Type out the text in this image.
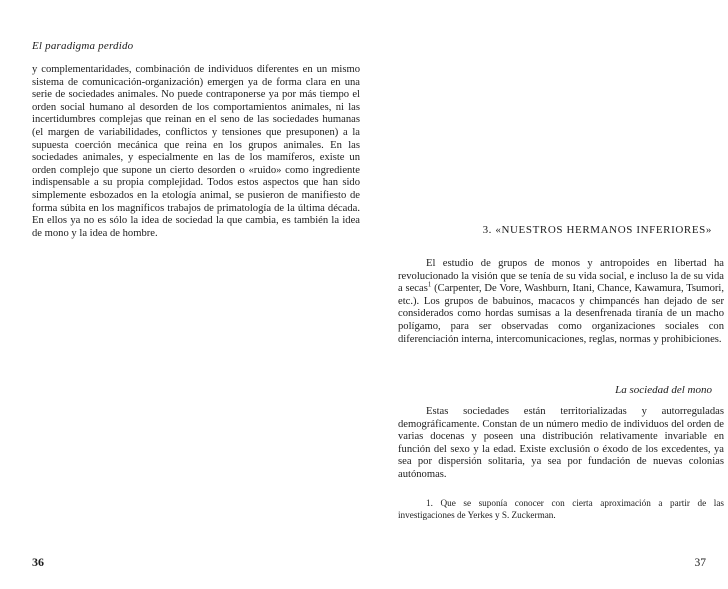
El paradigma perdido

y complementaridades, combinación de individuos diferentes en un mismo sistema de comunicación-organización) emergen ya de forma clara en una serie de sociedades animales. No puede contraponerse ya por más tiempo el orden social humano al desorden de los comportamientos animales, ni las incertidumbres complejas que reinan en el seno de las sociedades humanas (el margen de variabilidades, conflictos y tensiones que presuponen) a la supuesta coerción mecánica que reina en los grupos animales. En las sociedades animales, y especialmente en las de los mamíferos, existe un orden complejo que supone un cierto desorden o «ruido» como ingrediente indispensable a su propia complejidad. Todos estos aspectos que han sido simplemente esbozados en la etología animal, se pusieron de manifiesto de forma súbita en los magníficos trabajos de primatología de la última década. En ellos ya no es sólo la idea de sociedad la que cambia, es también la idea de mono y la idea de hombre.

36
3. «NUESTROS HERMANOS INFERIORES»

El estudio de grupos de monos y antropoides en libertad ha revolucionado la visión que se tenía de su vida social, e incluso la de su vida a secas$^1$ (Carpenter, De Vore, Washburn, Itani, Chance, Kawamura, Tsumori, etc.). Los grupos de babuinos, macacos y chimpancés han dejado de ser considerados como hordas sumisas a la desenfrenada tiranía de un macho polígamo, para ser observadas como organizaciones sociales con diferenciación interna, intercomunicaciones, reglas, normas y prohibiciones.

La sociedad del mono

Estas sociedades están territorializadas y autorreguladas demográficamente. Constan de un número medio de individuos del orden de varias docenas y poseen una distribución relativamente invariable en función del sexo y la edad. Existe exclusión o éxodo de los excedentes, ya sea por dispersión solitaria, ya sea por fundación de nuevas colonias autónomas.

1. Que se suponía conocer con cierta aproximación a partir de las investigaciones de Yerkes y S. Zuckerman.

37
